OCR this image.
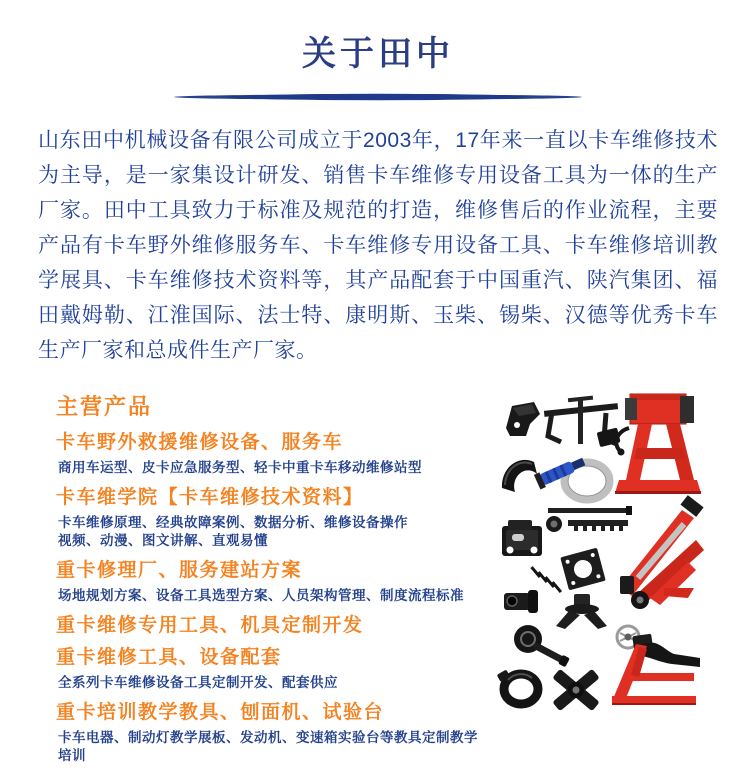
关于田中

山东田中机械设备有限公司成立于2003年，17年来一直以卡车维修技术为主导，是一家集设计研发、销售卡车维修专用设备工具为一体的生产厂家。田中工具致力于标准及规范的打造，维修售后的作业流程，主要产品有卡车野外维修服务车、卡车维修专用设备工具、卡车维修培训教学展具、卡车维修技术资料等，其产品配套于中国重汽、陕汽集团、福田戴姆勒、江淮国际、法士特、康明斯、玉柴、锡柴、汉德等优秀卡车生产厂家和总成件生产厂家。

主营产品
卡车野外救援维修设备、服务车
商用车运型、皮卡应急服务型、轻卡中重卡车移动维修站型
卡车维学院【卡车维修技术资料】
卡车维修原理、经典故障案例、数据分析、维修设备操作
视频、动漫、图文讲解、直观易懂
重卡修理厂、服务建站方案
场地规划方案、设备工具选型方案、人员架构管理、制度流程标准
重卡维修专用工具、机具定制开发
重卡维修工具、设备配套
全系列卡车维修设备工具定制开发、配套供应
重卡培训教学教具、刨面机、试验台
卡车电器、制动灯教学展板、发动机、变速箱实验台等教具定制教学培训
